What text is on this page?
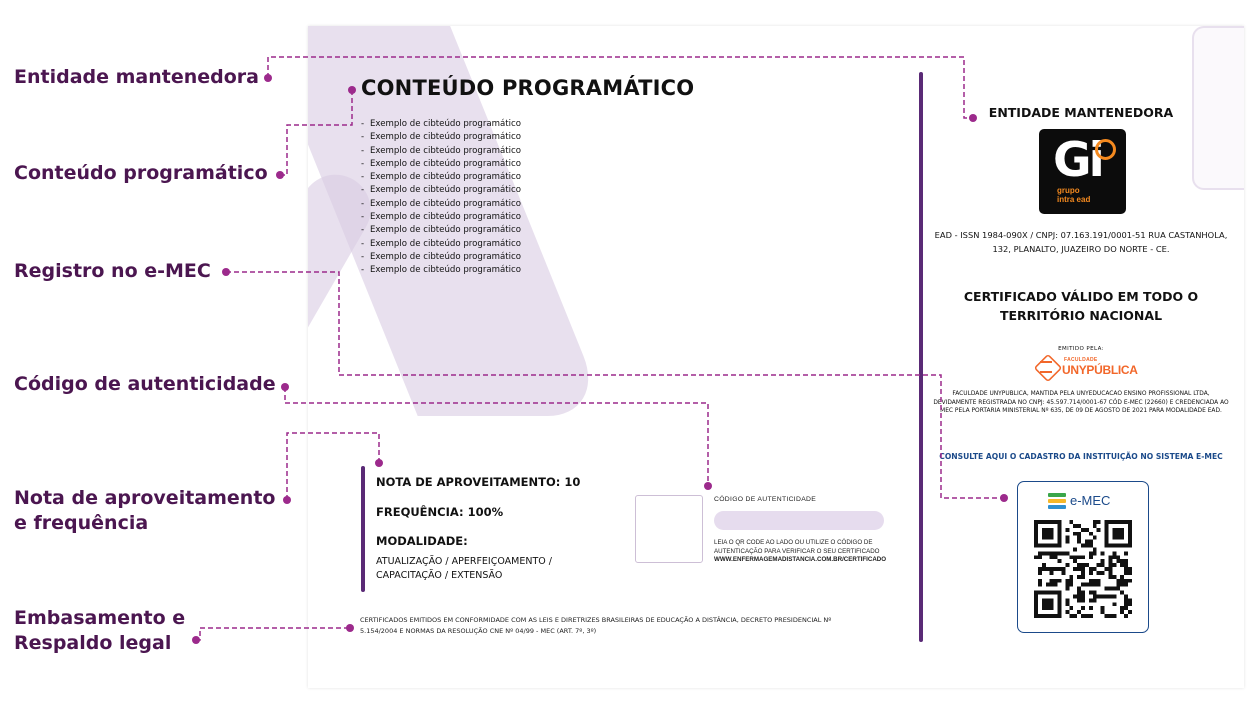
Entidade mantenedora
Conteúdo programático
Registro no e-MEC
Código de autenticidade
Nota de aproveitamento
e frequência
Embasamento e
Respaldo legal
CONTEÚDO PROGRAMÁTICO
- Exemplo de cibteúdo programático
- Exemplo de cibteúdo programático
- Exemplo de cibteúdo programático
- Exemplo de cibteúdo programático
- Exemplo de cibteúdo programático
- Exemplo de cibteúdo programático
- Exemplo de cibteúdo programático
- Exemplo de cibteúdo programático
- Exemplo de cibteúdo programático
- Exemplo de cibteúdo programático
- Exemplo de cibteúdo programático
- Exemplo de cibteúdo programático
NOTA DE APROVEITAMENTO: 10
FREQUÊNCIA: 100%
MODALIDADE:
ATUALIZAÇÃO / APERFEIÇOAMENTO / CAPACITAÇÃO / EXTENSÃO
CÓDIGO DE AUTENTICIDADE
LEIA O QR CODE AO LADO OU UTILIZE O CÓDIGO DE AUTENTICAÇÃO PARA VERIFICAR O SEU CERTIFICADO WWW.ENFERMAGEMADISTANCIA.COM.BR/CERTIFICADO
CERTIFICADOS EMITIDOS EM CONFORMIDADE COM AS LEIS E DIRETRIZES BRASILEIRAS DE EDUCAÇÃO A DISTÂNCIA, DECRETO PRESIDENCIAL Nº 5.154/2004 E NORMAS DA RESOLUÇÃO CNE Nº 04/99 - MEC (ART. 7º, 3º)
ENTIDADE MANTENEDORA
Gi
grupo
intra ead
EAD - ISSN 1984-090X / CNPJ: 07.163.191/0001-51 RUA CASTANHOLA, 132, PLANALTO, JUAZEIRO DO NORTE - CE.
CERTIFICADO VÁLIDO EM TODO O TERRITÓRIO NACIONAL
EMITIDO PELA:
FACULDADE
UNYPÚBLICA
FACULDADE UNYPUBLICA, MANTIDA PELA UNYEDUCACAO ENSINO PROFISSIONAL LTDA, DEVIDAMENTE REGISTRADA NO CNPJ: 45.597.714/0001-67 CÓD E-MEC (22660) E CREDENCIADA AO MEC PELA PORTARIA MINISTERIAL Nº 635, DE 09 DE AGOSTO DE 2021 PARA MODALIDADE EAD.
CONSULTE AQUI O CADASTRO DA INSTITUIÇÃO NO SISTEMA E-MEC
e-MEC
